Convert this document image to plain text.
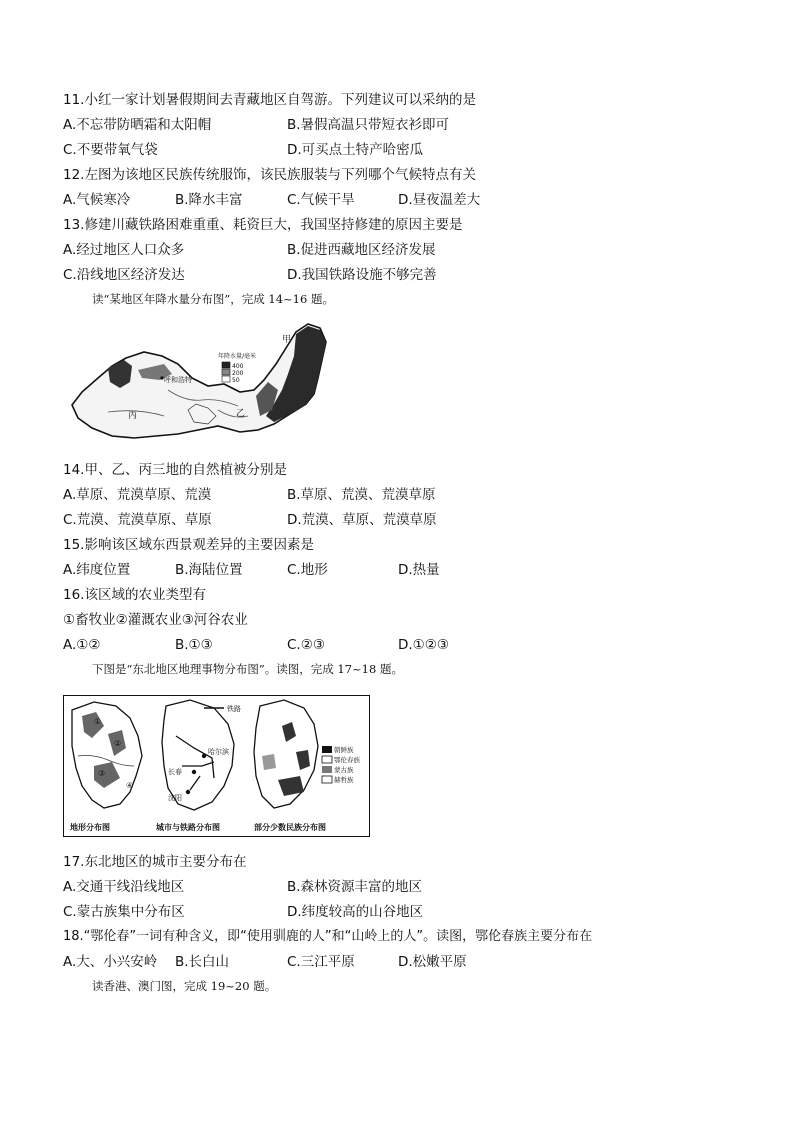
11.小红一家计划暑假期间去青藏地区自驾游。下列建议可以采纳的是
A.不忘带防晒霜和太阳帽	B.暑假高温只带短衣衫即可
C.不要带氧气袋	D.可买点土特产哈密瓜
12.左图为该地区民族传统服饰，该民族服装与下列哪个气候特点有关
A.气候寒冷	B.降水丰富	C.气候干旱	D.昼夜温差大
13.修建川藏铁路困难重重、耗资巨大，我国坚持修建的原因主要是
A.经过地区人口众多	B.促进西藏地区经济发展
C.沿线地区经济发达	D.我国铁路设施不够完善
读“某地区年降水量分布图”，完成 14~16 题。
丙	乙
甲
呼和浩特
年降水量/毫米
400
200
50
14.甲、乙、丙三地的自然植被分别是
A.草原、荒漠草原、荒漠	B.草原、荒漠、荒漠草原
C.荒漠、荒漠草原、草原	D.荒漠、草原、荒漠草原
15.影响该区域东西景观差异的主要因素是
A.纬度位置	B.海陆位置	C.地形	D.热量
16.该区域的农业类型有
①畜牧业②灌溉农业③河谷农业
A.①②	B.①③	C.②③	D.①②③
下图是“东北地区地理事物分布图”。读图，完成 17~18 题。
①
②
③
④
地形分布图
哈尔滨
长春
沈阳
铁路
城市与铁路分布图
朝鲜族
鄂伦春族
蒙古族
赫哲族
部分少数民族分布图
17.东北地区的城市主要分布在
A.交通干线沿线地区	B.森林资源丰富的地区
C.蒙古族集中分布区	D.纬度较高的山谷地区
18.“鄂伦春”一词有种含义，即“使用驯鹿的人”和“山岭上的人”。读图，鄂伦春族主要分布在
A.大、小兴安岭 B.长白山	C.三江平原	D.松嫩平原
读香港、澳门图，完成 19~20 题。
